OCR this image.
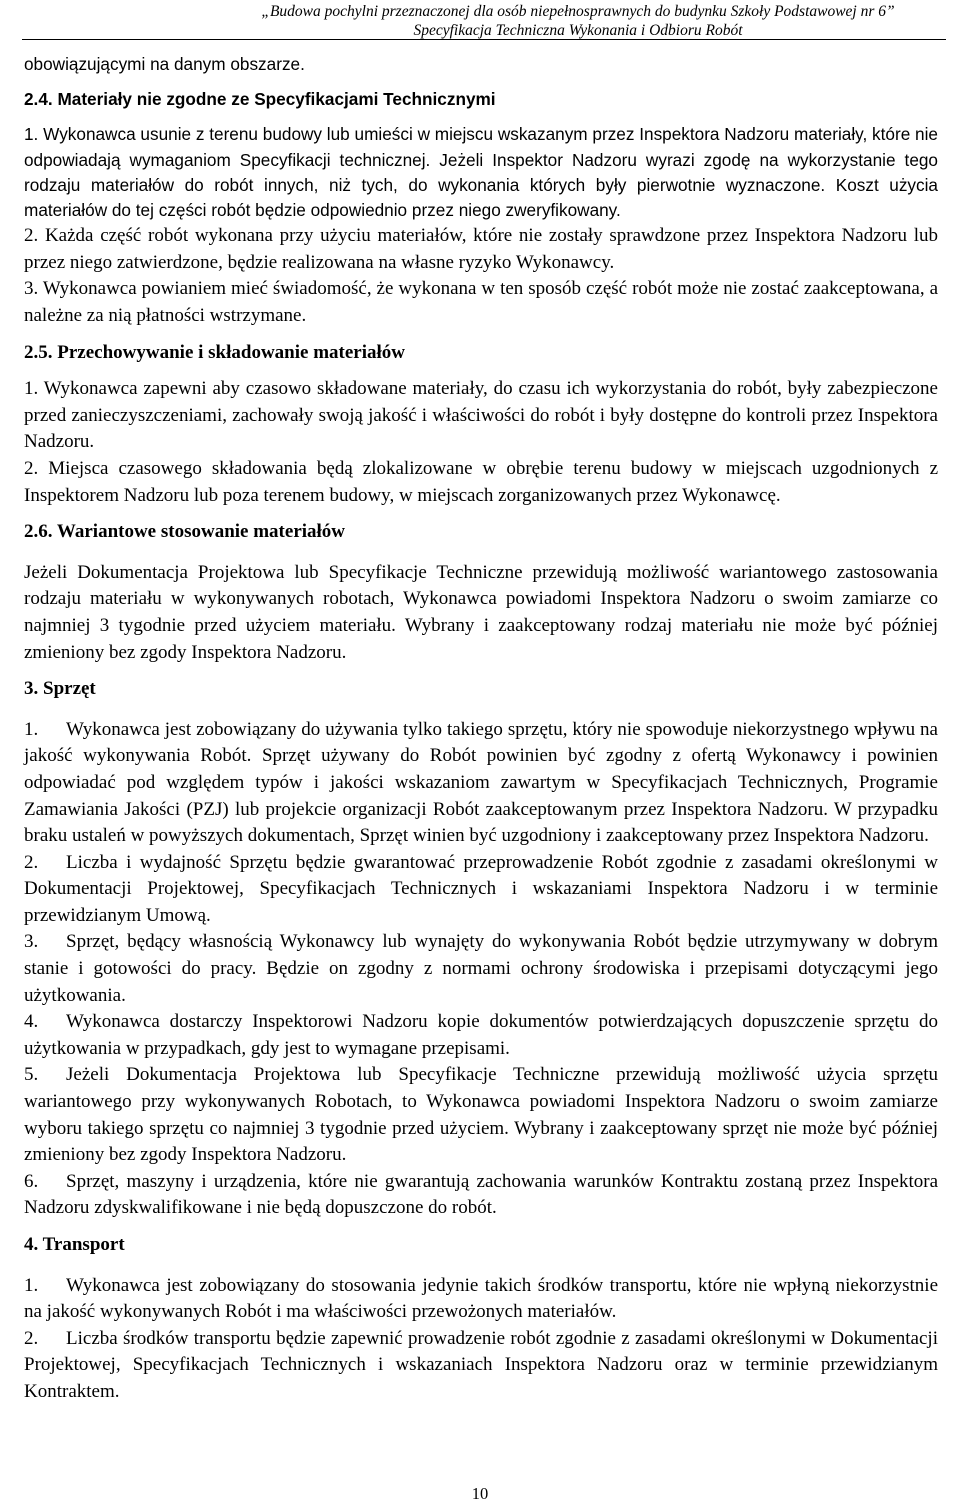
„Budowa pochylni przeznaczonej dla osób niepełnosprawnych do budynku Szkoły Podstawowej nr 6”
Specyfikacja Techniczna Wykonania i Odbioru Robót

obowiązującymi na danym obszarze.

2.4. Materiały nie zgodne ze Specyfikacjami Technicznymi

1. Wykonawca usunie z terenu budowy lub umieści w miejscu wskazanym przez Inspektora Nadzoru materiały, które nie odpowiadają wymaganiom Specyfikacji technicznej. Jeżeli Inspektor Nadzoru wyrazi zgodę na wykorzystanie tego rodzaju materiałów do robót innych, niż tych, do wykonania których były pierwotnie wyznaczone. Koszt użycia materiałów do tej części robót będzie odpowiednio przez niego zweryfikowany.

2. Każda część robót wykonana przy użyciu materiałów, które nie zostały sprawdzone przez Inspektora Nadzoru lub przez niego zatwierdzone, będzie realizowana na własne ryzyko Wykonawcy.

3. Wykonawca powianiem mieć świadomość, że wykonana w ten sposób część robót może nie zostać zaakceptowana, a należne za nią płatności wstrzymane.

2.5. Przechowywanie i składowanie materiałów

1. Wykonawca zapewni aby czasowo składowane materiały, do czasu ich wykorzystania do robót, były zabezpieczone przed zanieczyszczeniami, zachowały swoją jakość i właściwości do robót i były dostępne do kontroli przez Inspektora Nadzoru.

2. Miejsca czasowego składowania będą zlokalizowane w obrębie terenu budowy w miejscach uzgodnionych z Inspektorem Nadzoru lub poza terenem budowy, w miejscach zorganizowanych przez Wykonawcę.

2.6. Wariantowe stosowanie materiałów

Jeżeli Dokumentacja Projektowa lub Specyfikacje Techniczne przewidują możliwość wariantowego zastosowania rodzaju materiału w wykonywanych robotach, Wykonawca powiadomi Inspektora Nadzoru o swoim zamiarze co najmniej 3 tygodnie przed użyciem materiału. Wybrany i zaakceptowany rodzaj materiału nie może być później zmieniony bez zgody Inspektora Nadzoru.

3. Sprzęt

1. Wykonawca jest zobowiązany do używania tylko takiego sprzętu, który nie spowoduje niekorzystnego wpływu na jakość wykonywania Robót. Sprzęt używany do Robót powinien być zgodny z ofertą Wykonawcy i powinien odpowiadać pod względem typów i jakości wskazaniom zawartym w Specyfikacjach Technicznych, Programie Zamawiania Jakości (PZJ) lub projekcie organizacji Robót zaakceptowanym przez Inspektora Nadzoru. W przypadku braku ustaleń w powyższych dokumentach, Sprzęt winien być uzgodniony i zaakceptowany przez Inspektora Nadzoru.

2. Liczba i wydajność Sprzętu będzie gwarantować przeprowadzenie Robót zgodnie z zasadami określonymi w Dokumentacji Projektowej, Specyfikacjach Technicznych i wskazaniami Inspektora Nadzoru i w terminie przewidzianym Umową.

3. Sprzęt, będący własnością Wykonawcy lub wynajęty do wykonywania Robót będzie utrzymywany w dobrym stanie i gotowości do pracy. Będzie on zgodny z normami ochrony środowiska i przepisami dotyczącymi jego użytkowania.

4. Wykonawca dostarczy Inspektorowi Nadzoru kopie dokumentów potwierdzających dopuszczenie sprzętu do użytkowania w przypadkach, gdy jest to wymagane przepisami.

5. Jeżeli Dokumentacja Projektowa lub Specyfikacje Techniczne przewidują możliwość użycia sprzętu wariantowego przy wykonywanych Robotach, to Wykonawca powiadomi Inspektora Nadzoru o swoim zamiarze wyboru takiego sprzętu co najmniej 3 tygodnie przed użyciem. Wybrany i zaakceptowany sprzęt nie może być później zmieniony bez zgody Inspektora Nadzoru.

6. Sprzęt, maszyny i urządzenia, które nie gwarantują zachowania warunków Kontraktu zostaną przez Inspektora Nadzoru zdyskwalifikowane i nie będą dopuszczone do robót.

4. Transport

1. Wykonawca jest zobowiązany do stosowania jedynie takich środków transportu, które nie wpłyną niekorzystnie na jakość wykonywanych Robót i ma właściwości przewożonych materiałów.

2. Liczba środków transportu będzie zapewnić prowadzenie robót zgodnie z zasadami określonymi w Dokumentacji Projektowej, Specyfikacjach Technicznych i wskazaniach Inspektora Nadzoru oraz w terminie przewidzianym Kontraktem.

10
